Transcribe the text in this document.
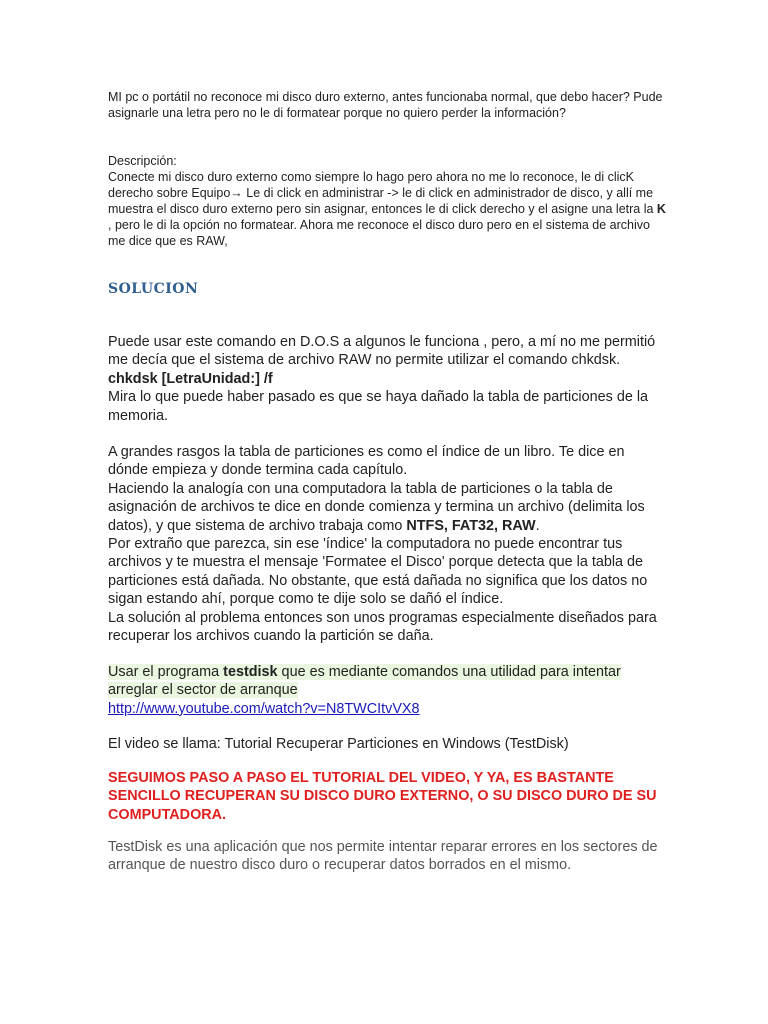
MI pc o portátil no reconoce mi disco duro externo, antes funcionaba normal, que debo hacer? Pude asignarle una letra pero no le di formatear porque no quiero perder la información?

Descripción:

Conecte mi disco duro externo como siempre lo hago pero ahora no me lo reconoce, le di clicK derecho sobre Equipo→ Le di click en administrar -> le di click en administrador de disco, y allí me muestra el disco duro externo pero sin asignar, entonces le di click derecho y el asigne una letra la K , pero le di la opción no formatear. Ahora me reconoce el disco duro pero en el sistema de archivo me dice que es RAW,

SOLUCION

Puede usar este comando en D.O.S a algunos le funciona , pero, a mí no me permitió me decía que el sistema de archivo RAW no permite utilizar el comando chkdsk.

chkdsk [LetraUnidad:] /f

Mira lo que puede haber pasado es que se haya dañado la tabla de particiones de la memoria.

A grandes rasgos la tabla de particiones es como el índice de un libro. Te dice en dónde empieza y donde termina cada capítulo.

Haciendo la analogía con una computadora la tabla de particiones o la tabla de asignación de archivos te dice en donde comienza y termina un archivo (delimita los datos), y que sistema de archivo trabaja como NTFS, FAT32, RAW.

Por extraño que parezca, sin ese 'índice' la computadora no puede encontrar tus archivos y te muestra el mensaje 'Formatee el Disco' porque detecta que la tabla de particiones está dañada. No obstante, que está dañada no significa que los datos no sigan estando ahí, porque como te dije solo se dañó el índice.

La solución al problema entonces son unos programas especialmente diseñados para recuperar los archivos cuando la partición se daña.

Usar el programa testdisk que es mediante comandos una utilidad para intentar arreglar el sector de arranque

http://www.youtube.com/watch?v=N8TWCItvVX8

El video se llama: Tutorial Recuperar Particiones en Windows (TestDisk)

SEGUIMOS PASO A PASO EL TUTORIAL DEL VIDEO, Y YA, ES BASTANTE SENCILLO RECUPERAN SU DISCO DURO EXTERNO, O SU DISCO DURO DE SU COMPUTADORA.

TestDisk es una aplicación que nos permite intentar reparar errores en los sectores de arranque de nuestro disco duro o recuperar datos borrados en el mismo.
